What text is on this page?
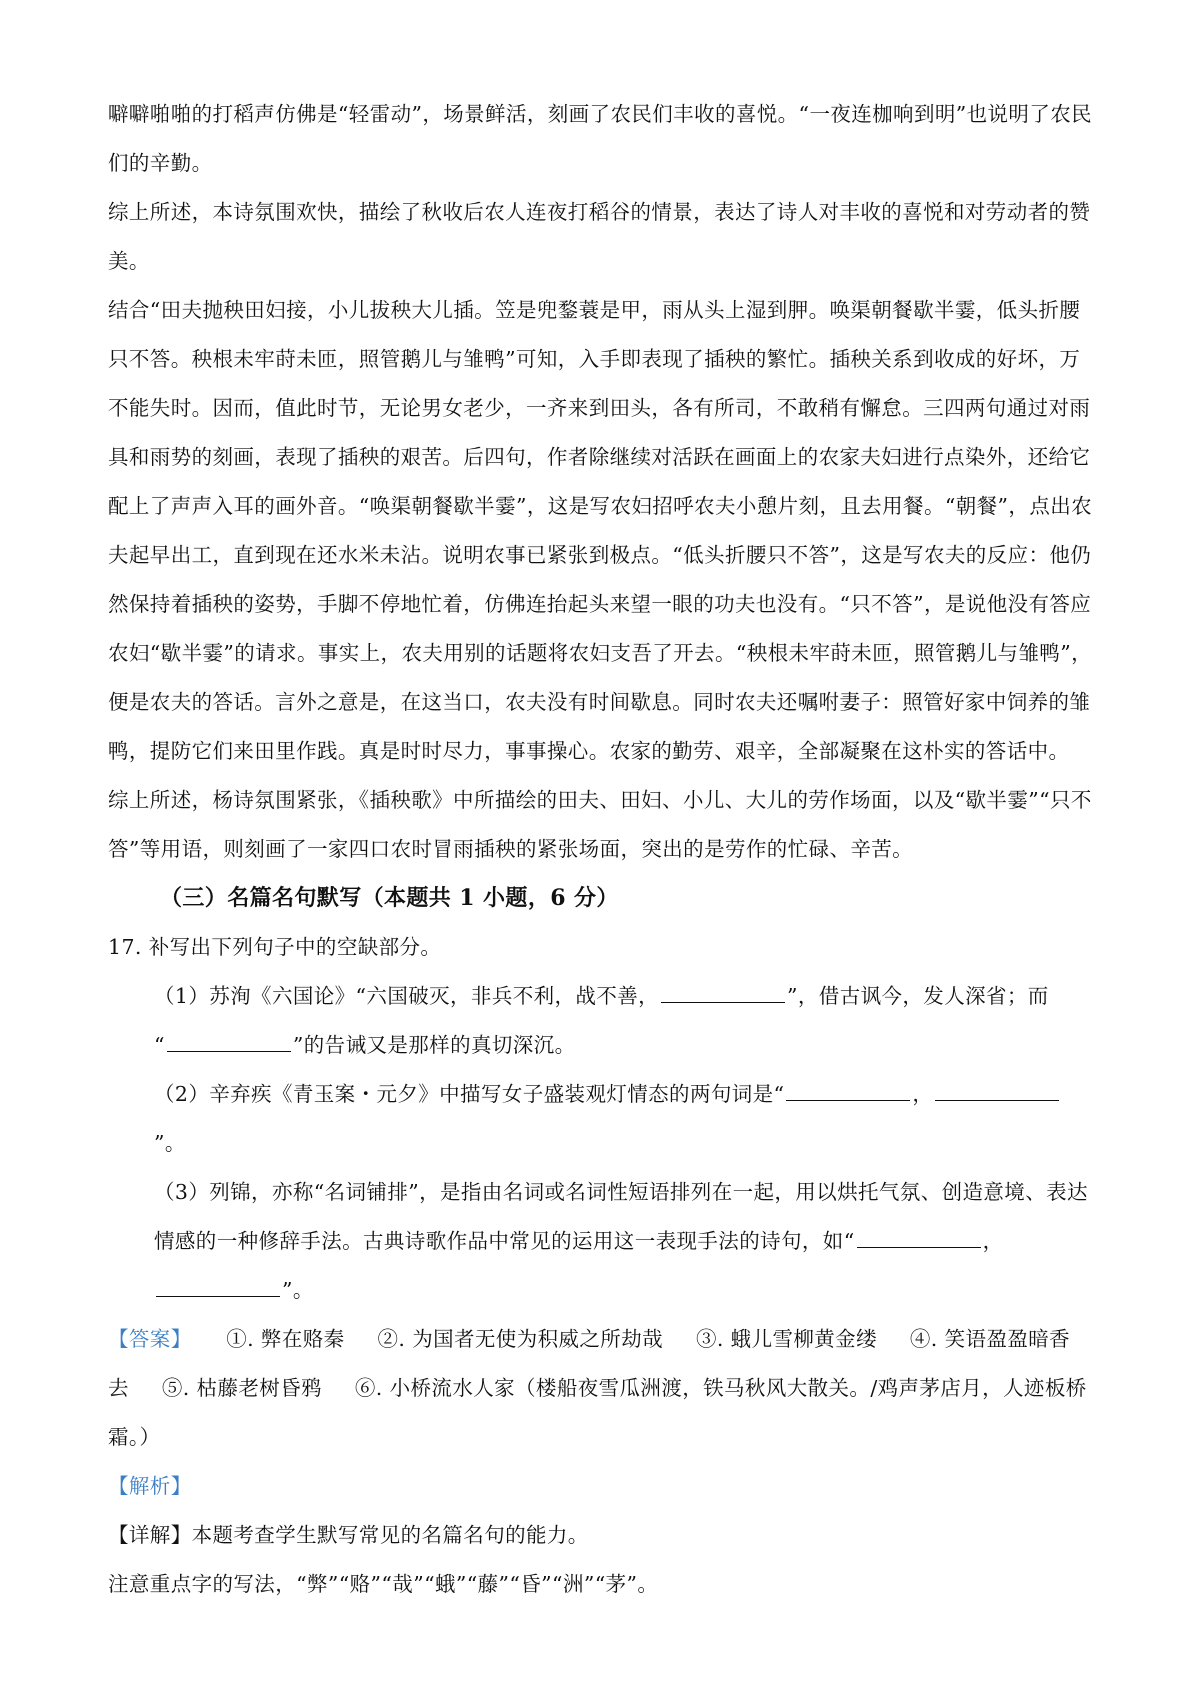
噼噼啪啪的打稻声仿佛是“轻雷动”，场景鲜活，刻画了农民们丰收的喜悦。“一夜连枷响到明”也说明了农民们的辛勤。

综上所述，本诗氛围欢快，描绘了秋收后农人连夜打稻谷的情景，表达了诗人对丰收的喜悦和对劳动者的赞美。

结合“田夫抛秧田妇接，小儿拔秧大儿插。笠是兜鍪蓑是甲，雨从头上湿到胛。唤渠朝餐歇半霎，低头折腰只不答。秧根未牢莳未匝，照管鹅儿与雏鸭”可知，入手即表现了插秧的繁忙。插秧关系到收成的好坏，万不能失时。因而，值此时节，无论男女老少，一齐来到田头，各有所司，不敢稍有懈怠。三四两句通过对雨具和雨势的刻画，表现了插秧的艰苦。后四句，作者除继续对活跃在画面上的农家夫妇进行点染外，还给它配上了声声入耳的画外音。“唤渠朝餐歇半霎”，这是写农妇招呼农夫小憩片刻，且去用餐。“朝餐”，点出农夫起早出工，直到现在还水米未沾。说明农事已紧张到极点。“低头折腰只不答”，这是写农夫的反应：他仍然保持着插秧的姿势，手脚不停地忙着，仿佛连抬起头来望一眼的功夫也没有。“只不答”，是说他没有答应农妇“歇半霎”的请求。事实上，农夫用别的话题将农妇支吾了开去。“秧根未牢莳未匝，照管鹅儿与雏鸭”，便是农夫的答话。言外之意是，在这当口，农夫没有时间歇息。同时农夫还嘱咐妻子：照管好家中饲养的雏鸭，提防它们来田里作践。真是时时尽力，事事操心。农家的勤劳、艰辛，全部凝聚在这朴实的答话中。

综上所述，杨诗氛围紧张，《插秧歌》中所描绘的田夫、田妇、小儿、大儿的劳作场面，以及“歇半霎”“只不答”等用语，则刻画了一家四口农时冒雨插秧的紧张场面，突出的是劳作的忙碌、辛苦。

（三）名篇名句默写（本题共 1 小题，6 分）

17. 补写出下列句子中的空缺部分。

（1）苏洵《六国论》“六国破灭，非兵不利，战不善，	”，借古讽今，发人深省；而
“	”的告诫又是那样的真切深沉。

（2）辛弃疾《青玉案・元夕》中描写女子盛装观灯情态的两句词是“	，”。

（3）列锦，亦称“名词铺排”，是指由名词或名词性短语排列在一起，用以烘托气氛、创造意境、表达情感的一种修辞手法。古典诗歌作品中常见的运用这一表现手法的诗句，如“	，”。

【答案】 ①. 弊在赂秦 ②. 为国者无使为积威之所劫哉 ③. 蛾儿雪柳黄金缕 ④. 笑语盈盈暗香去 ⑤. 枯藤老树昏鸦 ⑥. 小桥流水人家（楼船夜雪瓜洲渡，铁马秋风大散关。/鸡声茅店月，人迹板桥霜。）

【解析】

【详解】本题考查学生默写常见的名篇名句的能力。

注意重点字的写法，“弊”“赂”“哉”“蛾”“藤”“昏”“洲”“茅”。
